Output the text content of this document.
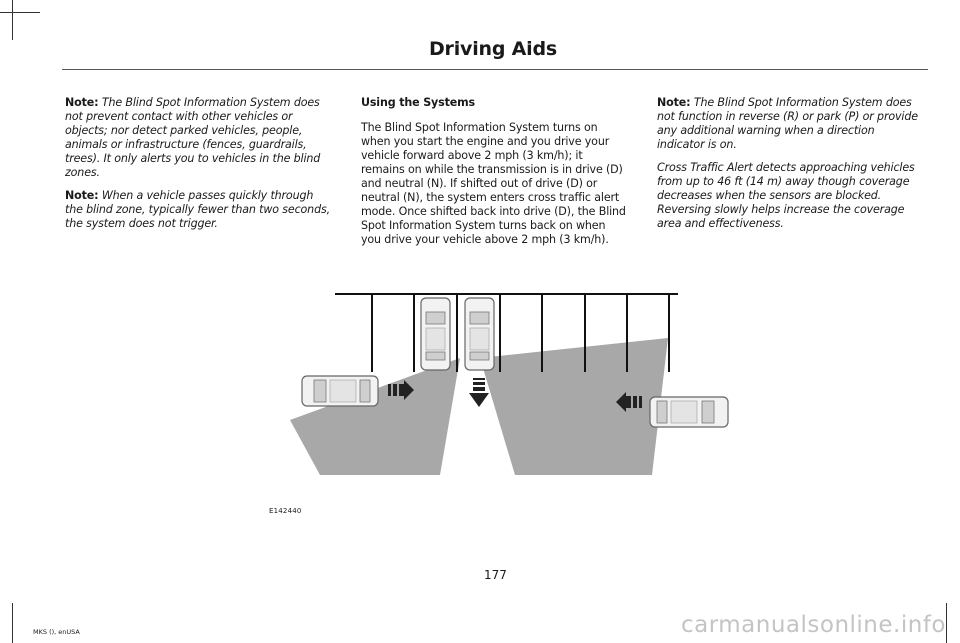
Driving Aids

Note: The Blind Spot Information System does not prevent contact with other vehicles or objects; nor detect parked vehicles, people, animals or infrastructure (fences, guardrails, trees). It only alerts you to vehicles in the blind zones.

Note: When a vehicle passes quickly through the blind zone, typically fewer than two seconds, the system does not trigger.

Using the Systems

The Blind Spot Information System turns on when you start the engine and you drive your vehicle forward above 2 mph (3 km/h); it remains on while the transmission is in drive (D) and neutral (N). If shifted out of drive (D) or neutral (N), the system enters cross traffic alert mode. Once shifted back into drive (D), the Blind Spot Information System turns back on when you drive your vehicle above 2 mph (3 km/h).

Note: The Blind Spot Information System does not function in reverse (R) or park (P) or provide any additional warning when a direction indicator is on.

Cross Traffic Alert detects approaching vehicles from up to 46 ft (14 m) away though coverage decreases when the sensors are blocked. Reversing slowly helps increase the coverage area and effectiveness.

E142440
177
MKS (), enUSA	carmanualsonline.info
